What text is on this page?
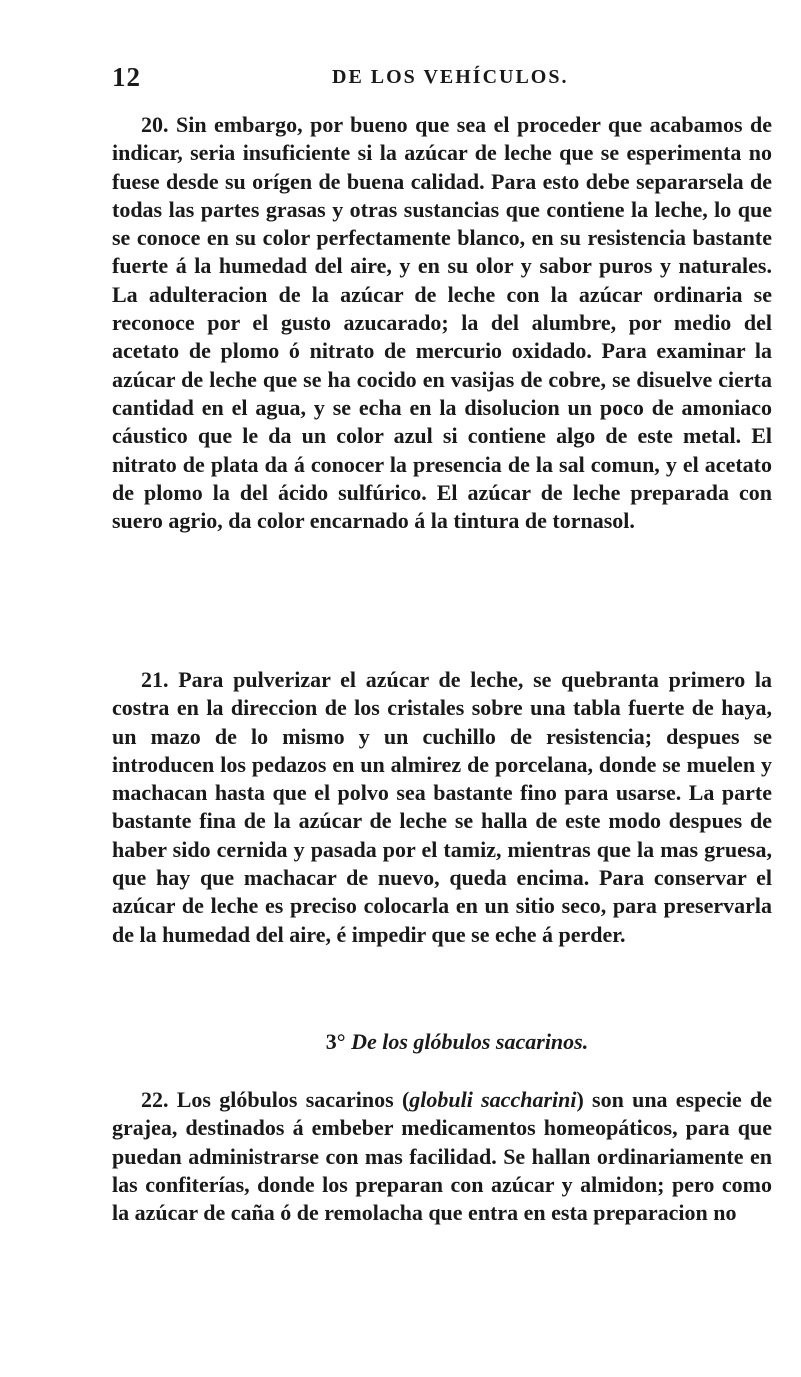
12	DE LOS VEHÍCULOS.

20. Sin embargo, por bueno que sea el proceder que acabamos de indicar, seria insuficiente si la azúcar de leche que se esperimenta no fuese desde su orígen de buena calidad. Para esto debe separarsela de todas las partes grasas y otras sustancias que contiene la leche, lo que se conoce en su color perfectamente blanco, en su resistencia bastante fuerte á la humedad del aire, y en su olor y sabor puros y naturales. La adulteracion de la azúcar de leche con la azúcar ordinaria se reconoce por el gusto azucarado; la del alumbre, por medio del acetato de plomo ó nitrato de mercurio oxidado. Para examinar la azúcar de leche que se ha cocido en vasijas de cobre, se disuelve cierta cantidad en el agua, y se echa en la disolucion un poco de amoniaco cáustico que le da un color azul si contiene algo de este metal. El nitrato de plata da á conocer la presencia de la sal comun, y el acetato de plomo la del ácido sulfúrico. El azúcar de leche preparada con suero agrio, da color encarnado á la tintura de tornasol.

21. Para pulverizar el azúcar de leche, se quebranta primero la costra en la direccion de los cristales sobre una tabla fuerte de haya, un mazo de lo mismo y un cuchillo de resistencia; despues se introducen los pedazos en un almirez de porcelana, donde se muelen y machacan hasta que el polvo sea bastante fino para usarse. La parte bastante fina de la azúcar de leche se halla de este modo despues de haber sido cernida y pasada por el tamiz, mientras que la mas gruesa, que hay que machacar de nuevo, queda encima. Para conservar el azúcar de leche es preciso colocarla en un sitio seco, para preservarla de la humedad del aire, é impedir que se eche á perder.

3° De los glóbulos sacarinos.

22. Los glóbulos sacarinos (globuli saccharini) son una especie de grajea, destinados á embeber medicamentos homeopáticos, para que puedan administrarse con mas facilidad. Se hallan ordinariamente en las confiterías, donde los preparan con azúcar y almidon; pero como la azúcar de caña ó de remolacha que entra en esta preparacion no
